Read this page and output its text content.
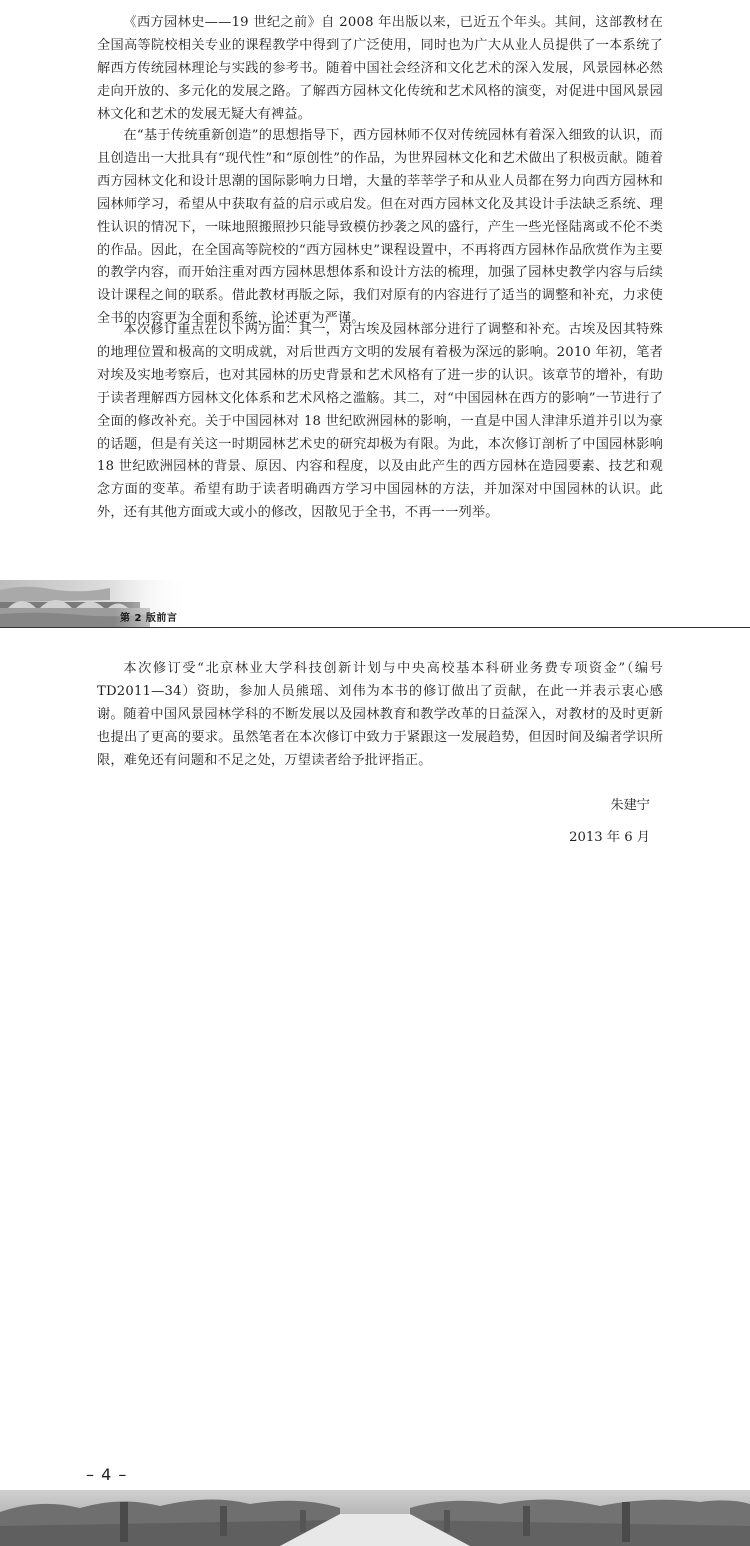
《西方园林史——19 世纪之前》自 2008 年出版以来，已近五个年头。其间，这部教材在全国高等院校相关专业的课程教学中得到了广泛使用，同时也为广大从业人员提供了一本系统了解西方传统园林理论与实践的参考书。随着中国社会经济和文化艺术的深入发展，风景园林必然走向开放的、多元化的发展之路。了解西方园林文化传统和艺术风格的演变，对促进中国风景园林文化和艺术的发展无疑大有裨益。

在“基于传统重新创造”的思想指导下，西方园林师不仅对传统园林有着深入细致的认识，而且创造出一大批具有“现代性”和“原创性”的作品，为世界园林文化和艺术做出了积极贡献。随着西方园林文化和设计思潮的国际影响力日增，大量的莘莘学子和从业人员都在努力向西方园林和园林师学习，希望从中获取有益的启示或启发。但在对西方园林文化及其设计手法缺乏系统、理性认识的情况下，一味地照搬照抄只能导致模仿抄袭之风的盛行，产生一些光怪陆离或不伦不类的作品。因此，在全国高等院校的“西方园林史”课程设置中，不再将西方园林作品欣赏作为主要的教学内容，而开始注重对西方园林思想体系和设计方法的梳理，加强了园林史教学内容与后续设计课程之间的联系。借此教材再版之际，我们对原有的内容进行了适当的调整和补充，力求使全书的内容更为全面和系统，论述更为严谨。

本次修订重点在以下两方面：其一，对古埃及园林部分进行了调整和补充。古埃及因其特殊的地理位置和极高的文明成就，对后世西方文明的发展有着极为深远的影响。2010 年初，笔者对埃及实地考察后，也对其园林的历史背景和艺术风格有了进一步的认识。该章节的增补，有助于读者理解西方园林文化体系和艺术风格之滥觞。其二，对“中国园林在西方的影响”一节进行了全面的修改补充。关于中国园林对 18 世纪欧洲园林的影响，一直是中国人津津乐道并引以为豪的话题，但是有关这一时期园林艺术史的研究却极为有限。为此，本次修订剖析了中国园林影响 18 世纪欧洲园林的背景、原因、内容和程度，以及由此产生的西方园林在造园要素、技艺和观念方面的变革。希望有助于读者明确西方学习中国园林的方法，并加深对中国园林的认识。此外，还有其他方面或大或小的修改，因散见于全书，不再一一列举。

第 2 版前言

本次修订受“北京林业大学科技创新计划与中央高校基本科研业务费专项资金”（编号 TD2011—34）资助，参加人员熊瑶、刘伟为本书的修订做出了贡献，在此一并表示衷心感谢。 随着中国风景园林学科的不断发展以及园林教育和教学改革的日益深入，对教材的及时更新也提出了更高的要求。虽然笔者在本次修订中致力于紧跟这一发展趋势，但因时间及编者学识所限，难免还有问题和不足之处，万望读者给予批评指正。

朱建宁
2013 年 6 月
– 4 –
